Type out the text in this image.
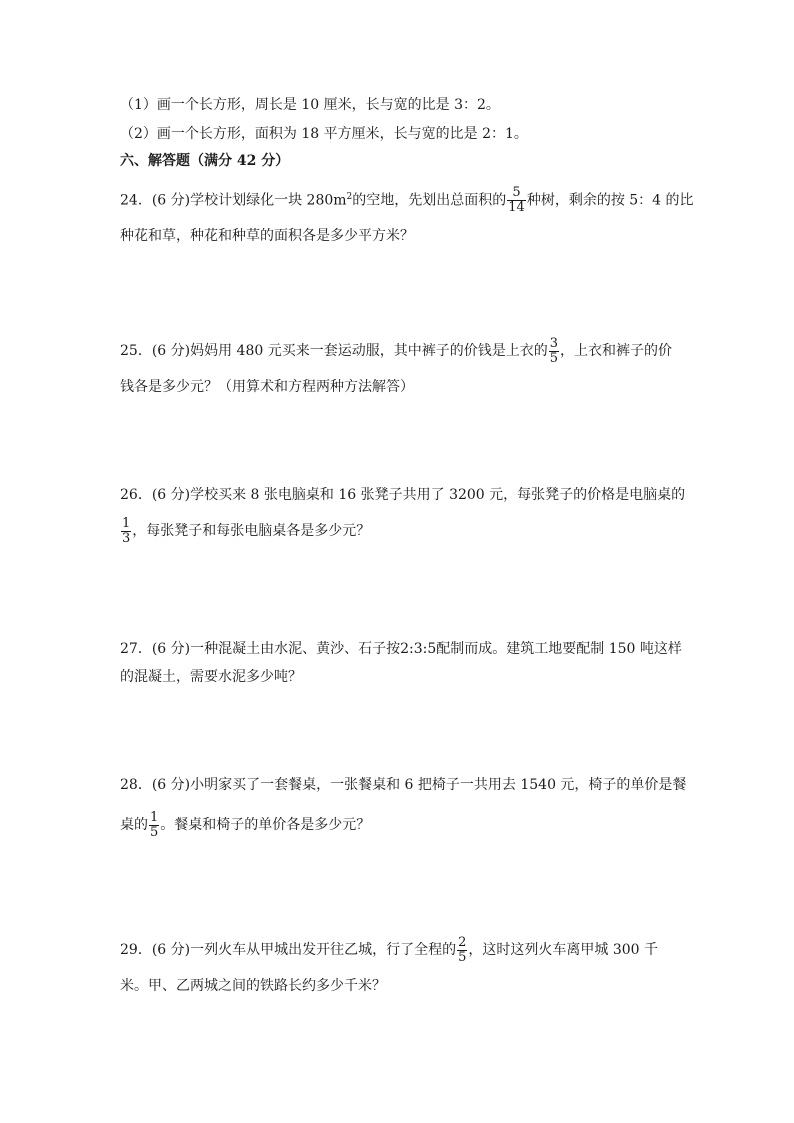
（1）画一个长方形，周长是 10 厘米，长与宽的比是 3：2。
（2）画一个长方形，面积为 18 平方厘米，长与宽的比是 2：1。
六、解答题（满分 42 分）
24．(6 分)学校计划绿化一块 $280m^2$的空地，先划出总面积的 $\frac{5}{14}$ 种树，剩余的按 5：4 的比
种花和草，种花和种草的面积各是多少平方米？
25．(6 分)妈妈用 480 元买来一套运动服，其中裤子的价钱是上衣的 $\frac{3}{5}$ ，上衣和裤子的价
钱各是多少元？（用算术和方程两种方法解答）
26．(6 分)学校买来 8 张电脑桌和 16 张凳子共用了 3200 元，每张凳子的价格是电脑桌的
$\frac{1}{3}$ ，每张凳子和每张电脑桌各是多少元？
27．(6 分)一种混凝土由水泥、黄沙、石子按2:3:5配制而成。建筑工地要配制 150 吨这样
的混凝土，需要水泥多少吨？
28．(6 分)小明家买了一套餐桌，一张餐桌和 6 把椅子一共用去 1540 元，椅子的单价是餐
桌的 $\frac{1}{5}$ 。餐桌和椅子的单价各是多少元？
29．(6 分)一列火车从甲城出发开往乙城，行了全程的 $\frac{2}{5}$ ，这时这列火车离甲城 300 千
米。甲、乙两城之间的铁路长约多少千米？
